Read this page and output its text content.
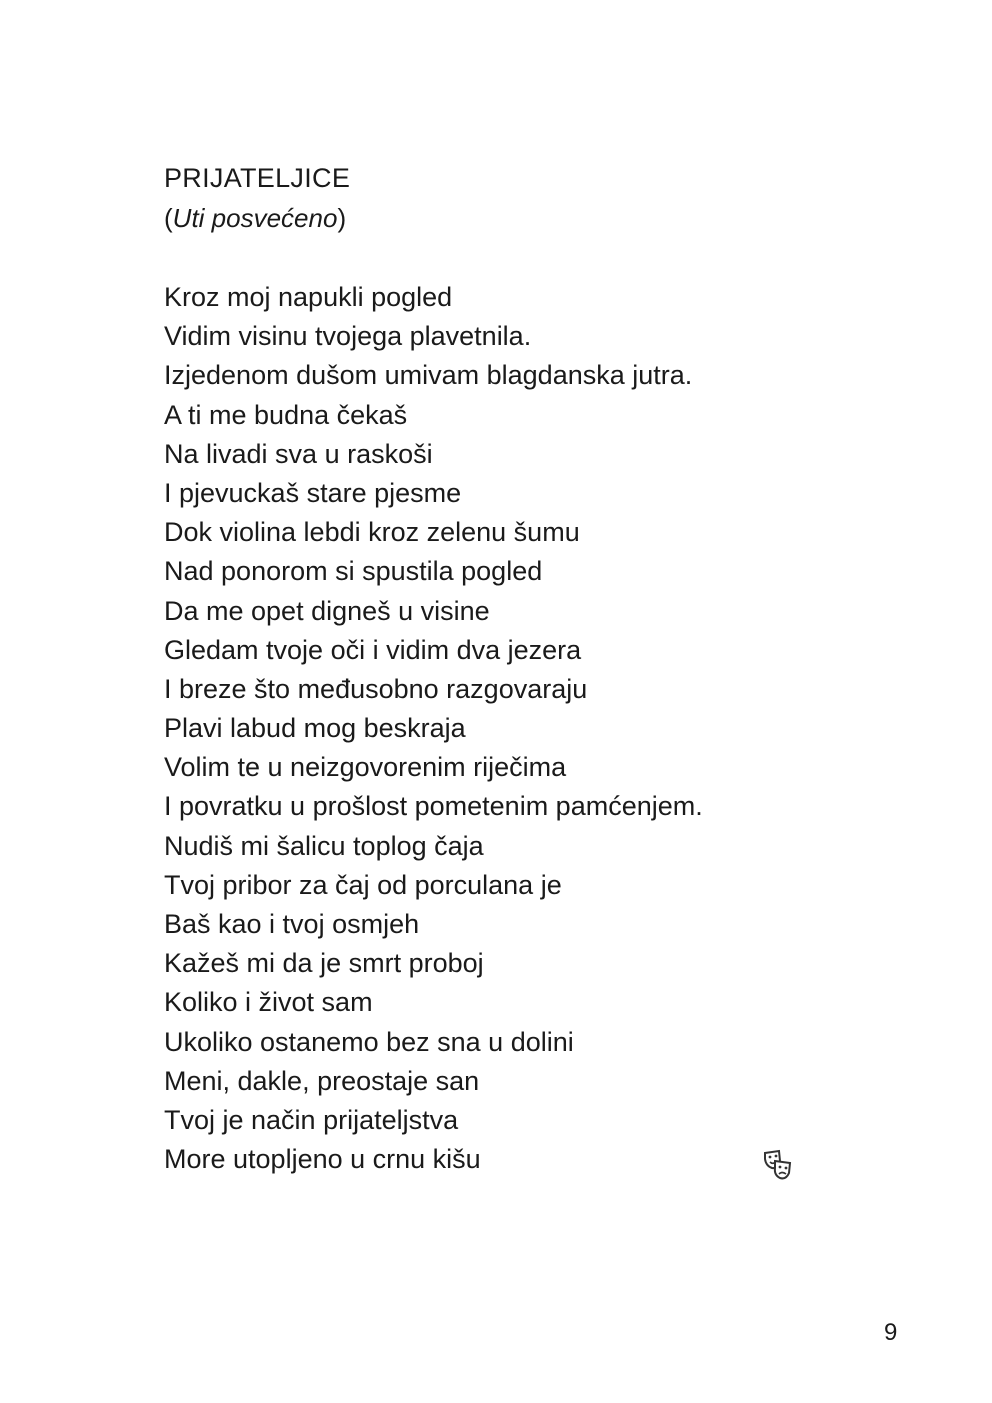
PRIJATELJICE
(Uti posvećeno)
Kroz moj napukli pogled
Vidim visinu tvojega plavetnila.
Izjedenom dušom umivam blagdanska jutra.
A ti me budna čekaš
Na livadi sva u raskoši
I pjevuckaš stare pjesme
Dok violina lebdi kroz zelenu šumu
Nad ponorom si spustila pogled
Da me opet digneš u visine
Gledam tvoje oči i vidim dva jezera
I breze što međusobno razgovaraju
Plavi labud mog beskraja
Volim te u neizgovorenim riječima
I povratku u prošlost pometenim pamćenjem.
Nudiš mi šalicu toplog čaja
Tvoj pribor za čaj od porculana je
Baš kao i tvoj osmjeh
Kažeš mi da je smrt proboj
Koliko i život sam
Ukoliko ostanemo bez sna u dolini
Meni, dakle, preostaje san
Tvoj je način prijateljstva
More utopljeno u crnu kišu
9
